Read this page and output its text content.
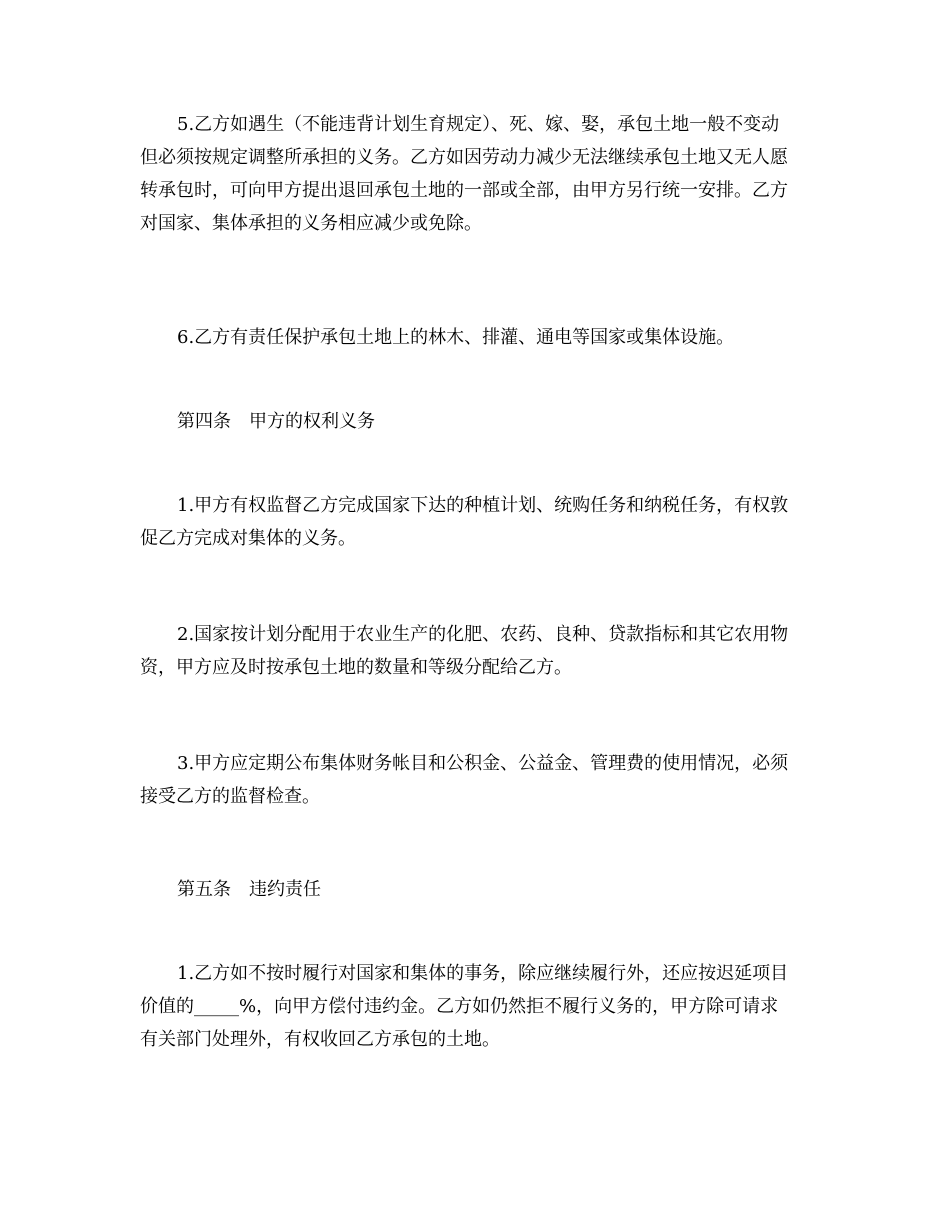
5.乙方如遇生（不能违背计划生育规定）、死、嫁、娶，承包土地一般不变动
但必须按规定调整所承担的义务。乙方如因劳动力减少无法继续承包土地又无人愿
转承包时，可向甲方提出退回承包土地的一部或全部，由甲方另行统一安排。乙方
对国家、集体承担的义务相应减少或免除。
6.乙方有责任保护承包土地上的林木、排灌、通电等国家或集体设施。
第四条　甲方的权利义务
1.甲方有权监督乙方完成国家下达的种植计划、统购任务和纳税任务，有权敦
促乙方完成对集体的义务。
2.国家按计划分配用于农业生产的化肥、农药、良种、贷款指标和其它农用物
资，甲方应及时按承包土地的数量和等级分配给乙方。
3.甲方应定期公布集体财务帐目和公积金、公益金、管理费的使用情况，必须
接受乙方的监督检查。
第五条　违约责任
1.乙方如不按时履行对国家和集体的事务，除应继续履行外，还应按迟延项目
价值的_____%，向甲方偿付违约金。乙方如仍然拒不履行义务的，甲方除可请求
有关部门处理外，有权收回乙方承包的土地。
